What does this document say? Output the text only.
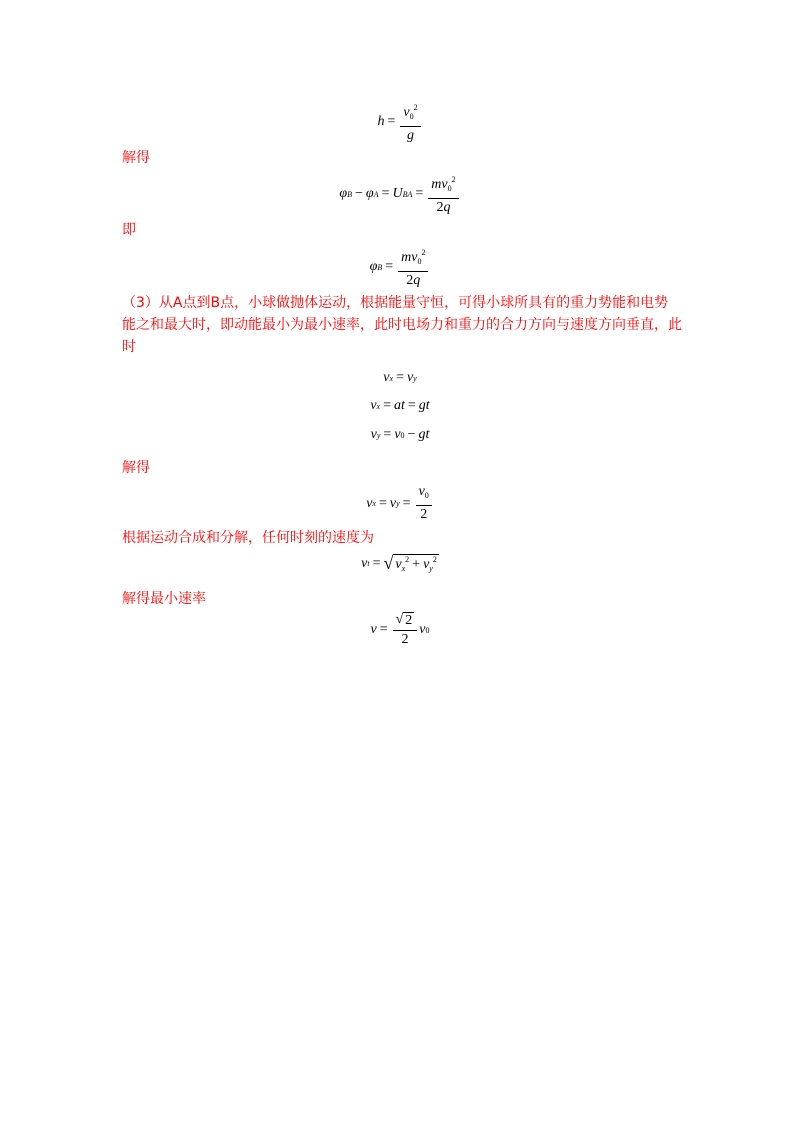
$h = \frac{v_0^2}{g}$
解得
φ B − φ A = U BA = $\frac{mv_0^2}{2q}$
即
φ $B = \frac{mv_0^2}{2q}$
（3）从A点到B点，小球做抛体运动，根据能量守恒，可得小球所具有的重力势能和电势能之和最大时，即动能最小为最小速率，此时电场力和重力的合力方向与速度方向垂直，此时
v x = v y
v x = at = gt
v y = v 0 − gt
解得
v x = v $y = \frac{v_0}{2}$
根据运动合成和分解，任何时刻的速度为
v t = √ $v_x^2 + v_y^2$
解得最小速率
$v = \frac{√ 2}{2}$ v 0
